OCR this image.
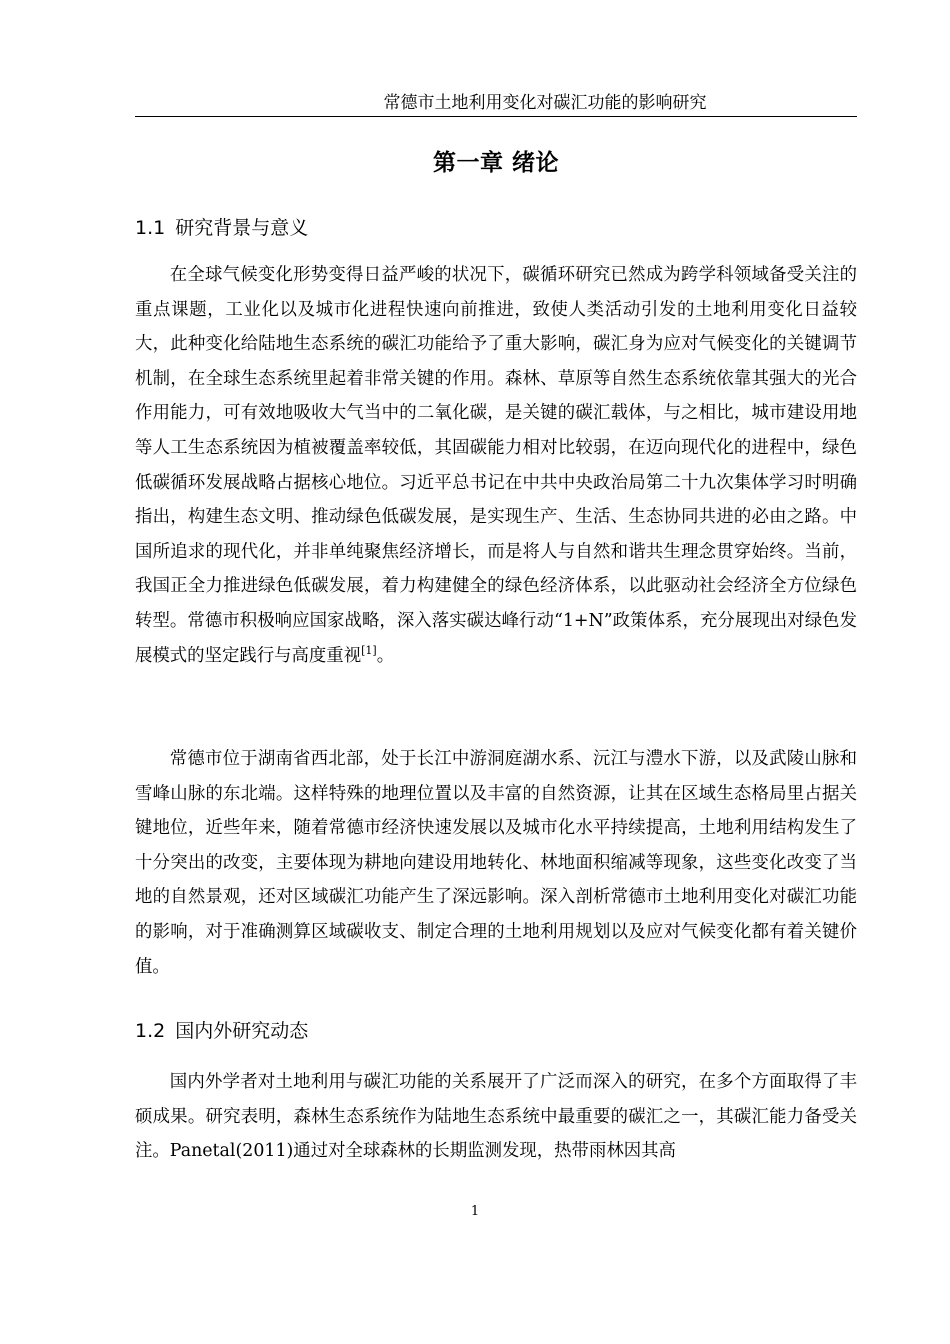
常德市土地利用变化对碳汇功能的影响研究
第一章 绪论
1.1 研究背景与意义

在全球气候变化形势变得日益严峻的状况下，碳循环研究已然成为跨学科领域备受关注的重点课题，工业化以及城市化进程快速向前推进，致使人类活动引发的土地利用变化日益较大，此种变化给陆地生态系统的碳汇功能给予了重大影响，碳汇身为应对气候变化的关键调节机制，在全球生态系统里起着非常关键的作用。森林、草原等自然生态系统依靠其强大的光合作用能力，可有效地吸收大气当中的二氧化碳，是关键的碳汇载体，与之相比，城市建设用地等人工生态系统因为植被覆盖率较低，其固碳能力相对比较弱，在迈向现代化的进程中，绿色低碳循环发展战略占据核心地位。习近平总书记在中共中央政治局第二十九次集体学习时明确指出，构建生态文明、推动绿色低碳发展，是实现生产、生活、生态协同共进的必由之路。中国所追求的现代化，并非单纯聚焦经济增长，而是将人与自然和谐共生理念贯穿始终。当前，我国正全力推进绿色低碳发展，着力构建健全的绿色经济体系，以此驱动社会经济全方位绿色转型。常德市积极响应国家战略，深入落实碳达峰行动“1+N”政策体系，充分展现出对绿色发展模式的坚定践行与高度重视[1]。

常德市位于湖南省西北部，处于长江中游洞庭湖水系、沅江与澧水下游，以及武陵山脉和雪峰山脉的东北端。这样特殊的地理位置以及丰富的自然资源，让其在区域生态格局里占据关键地位，近些年来，随着常德市经济快速发展以及城市化水平持续提高，土地利用结构发生了十分突出的改变，主要体现为耕地向建设用地转化、林地面积缩减等现象，这些变化改变了当地的自然景观，还对区域碳汇功能产生了深远影响。深入剖析常德市土地利用变化对碳汇功能的影响，对于准确测算区域碳收支、制定合理的土地利用规划以及应对气候变化都有着关键价值。

1.2 国内外研究动态

国内外学者对土地利用与碳汇功能的关系展开了广泛而深入的研究，在多个方面取得了丰硕成果。研究表明，森林生态系统作为陆地生态系统中最重要的碳汇之一，其碳汇能力备受关注。Panetal(2011)通过对全球森林的长期监测发现，热带雨林因其高

1
